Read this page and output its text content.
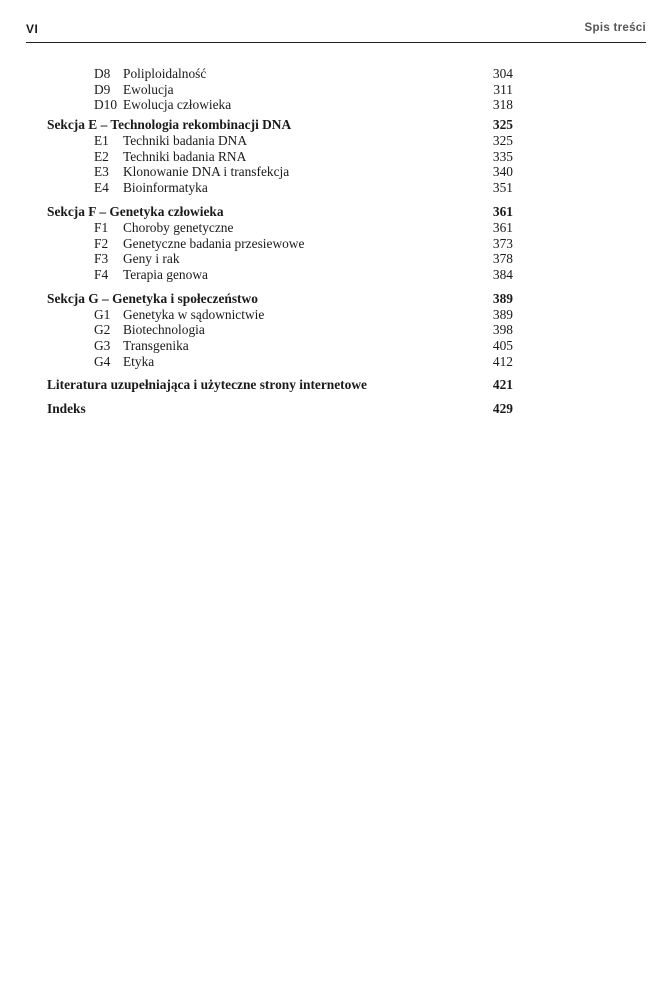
VI	Spis treści
D8 Poliploidalność	304
D9 Ewolucja	311
D10 Ewolucja człowieka	318
Sekcja E – Technologia rekombinacji DNA	325
E1 Techniki badania DNA	325
E2 Techniki badania RNA	335
E3 Klonowanie DNA i transfekcja	340
E4 Bioinformatyka	351
Sekcja F – Genetyka człowieka	361
F1 Choroby genetyczne	361
F2 Genetyczne badania przesiewowe	373
F3 Geny i rak	378
F4 Terapia genowa	384
Sekcja G – Genetyka i społeczeństwo	389
G1 Genetyka w sądownictwie	389
G2 Biotechnologia	398
G3 Transgenika	405
G4 Etyka	412
Literatura uzupełniająca i użyteczne strony internetowe	421
Indeks	429
